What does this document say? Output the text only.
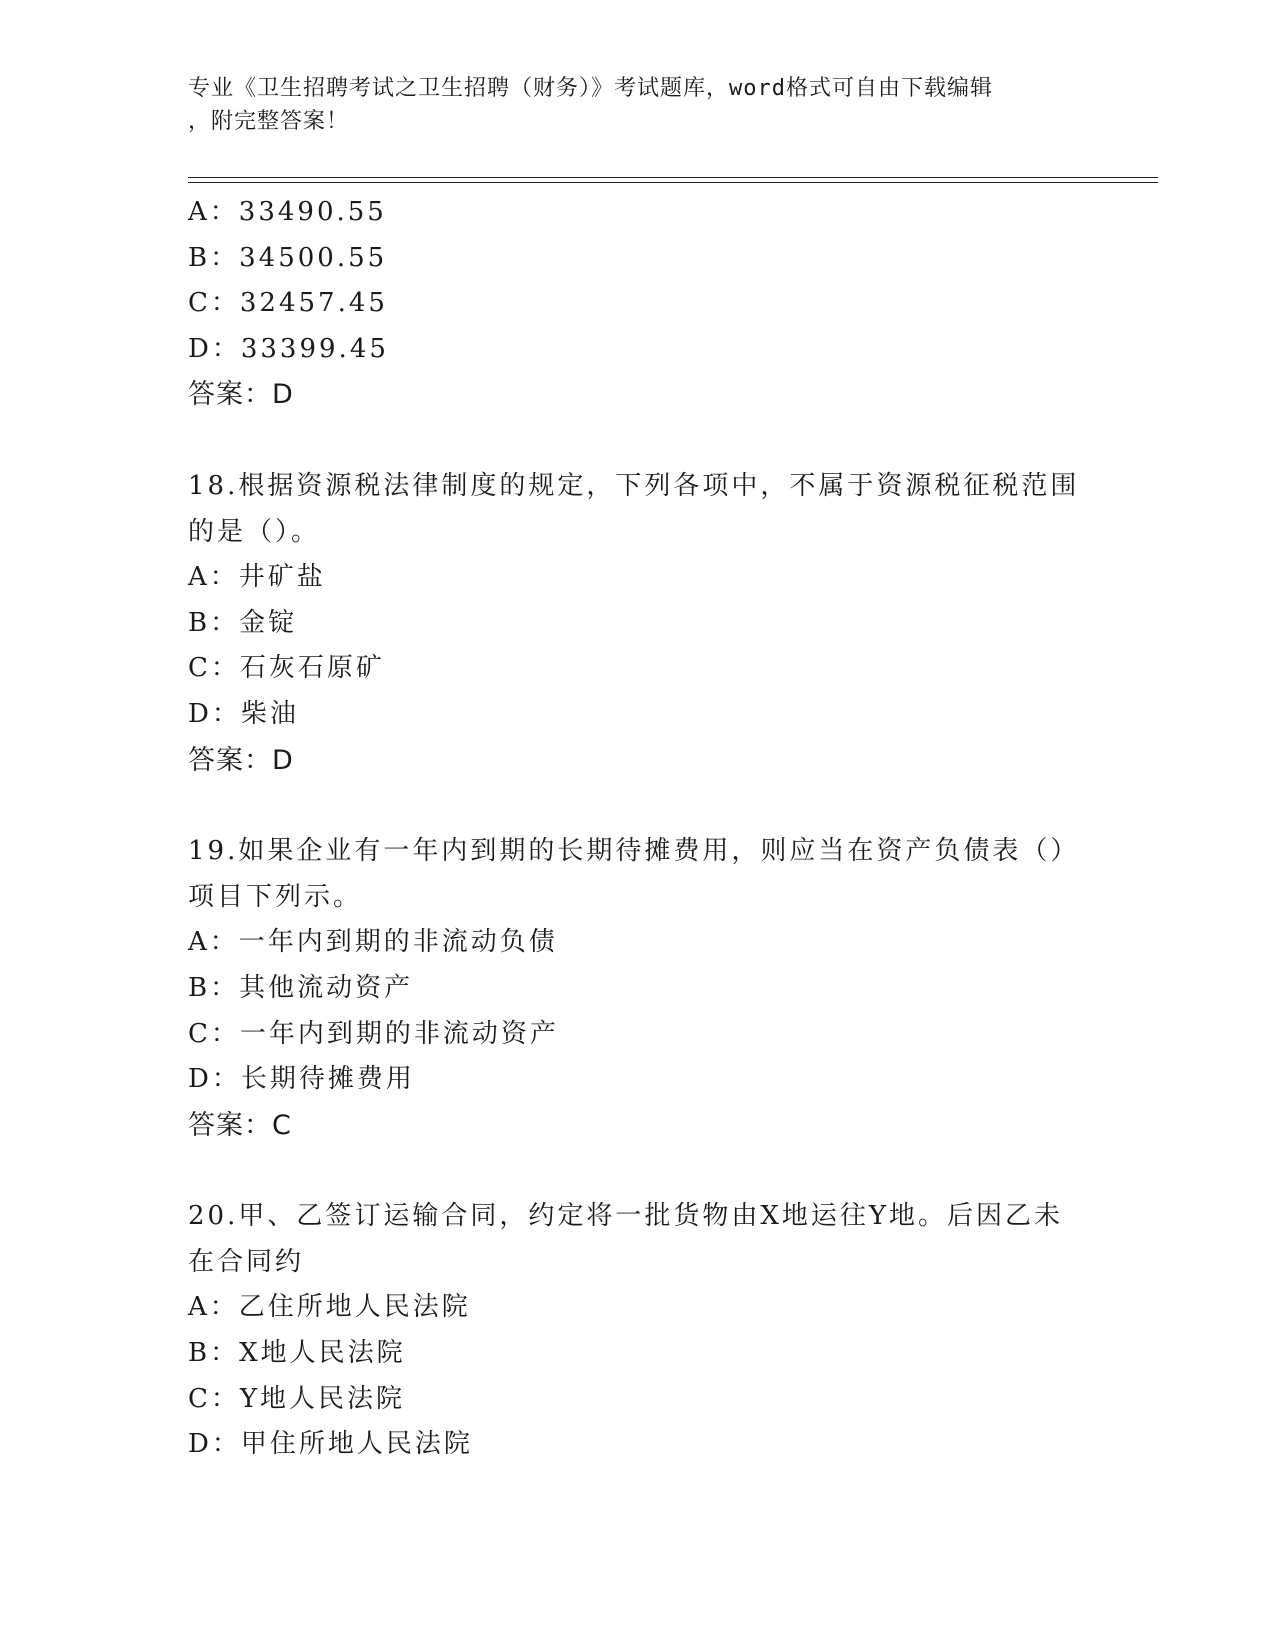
专业《卫生招聘考试之卫生招聘（财务）》考试题库，word格式可自由下载编辑
，附完整答案！
A：33490.55
B：34500.55
C：32457.45
D：33399.45
答案：D
18.根据资源税法律制度的规定，下列各项中，不属于资源税征税范围
的是（）。
A：井矿盐
B：金锭
C：石灰石原矿
D：柴油
答案：D
19.如果企业有一年内到期的长期待摊费用，则应当在资产负债表（）
项目下列示。
A：一年内到期的非流动负债
B：其他流动资产
C：一年内到期的非流动资产
D：长期待摊费用
答案：C
20.甲、乙签订运输合同，约定将一批货物由X地运往Y地。后因乙未
在合同约
A：乙住所地人民法院
B：X地人民法院
C：Y地人民法院
D：甲住所地人民法院
